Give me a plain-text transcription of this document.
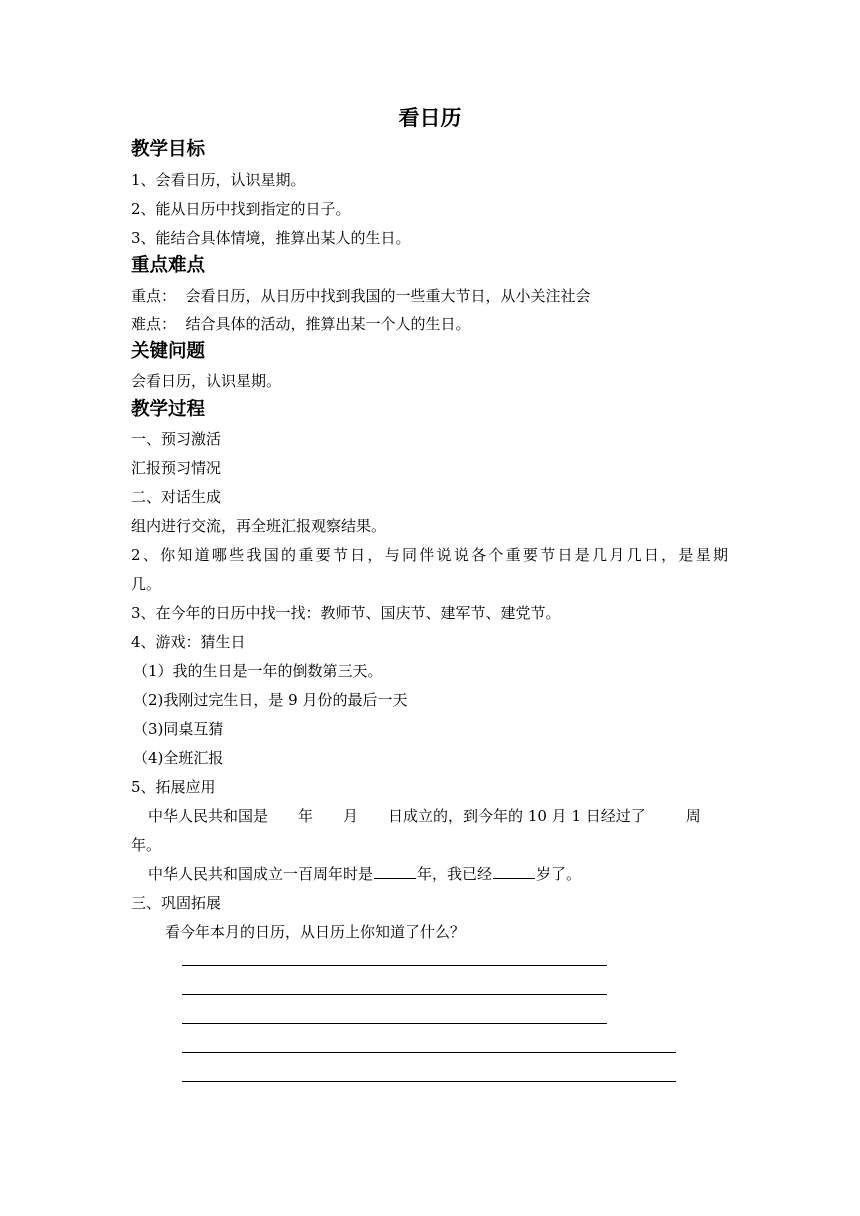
看日历
教学目标
1、会看日历，认识星期。
2、能从日历中找到指定的日子。
3、能结合具体情境，推算出某人的生日。
重点难点
重点：  会看日历，从日历中找到我国的一些重大节日，从小关注社会
难点：  结合具体的活动，推算出某一个人的生日。
关键问题
会看日历，认识星期。
教学过程
一、预习激活
汇报预习情况
二、对话生成
组内进行交流，再全班汇报观察结果。
2、你知道哪些我国的重要节日，与同伴说说各个重要节日是几月几日，是星期
几。
3、在今年的日历中找一找：教师节、国庆节、建军节、建党节。
4、游戏：猜生日
（1）我的生日是一年的倒数第三天。
（2)我刚过完生日，是 9 月份的最后一天
（3)同桌互猜
（4)全班汇报
5、拓展应用
中华人民共和国是 年 月 日成立的，到今年的 10 月 1 日经过了	周
年。
中华人民共和国成立一百周年时是	年，我已经	岁了。
三、巩固拓展
看今年本月的日历，从日历上你知道了什么？
